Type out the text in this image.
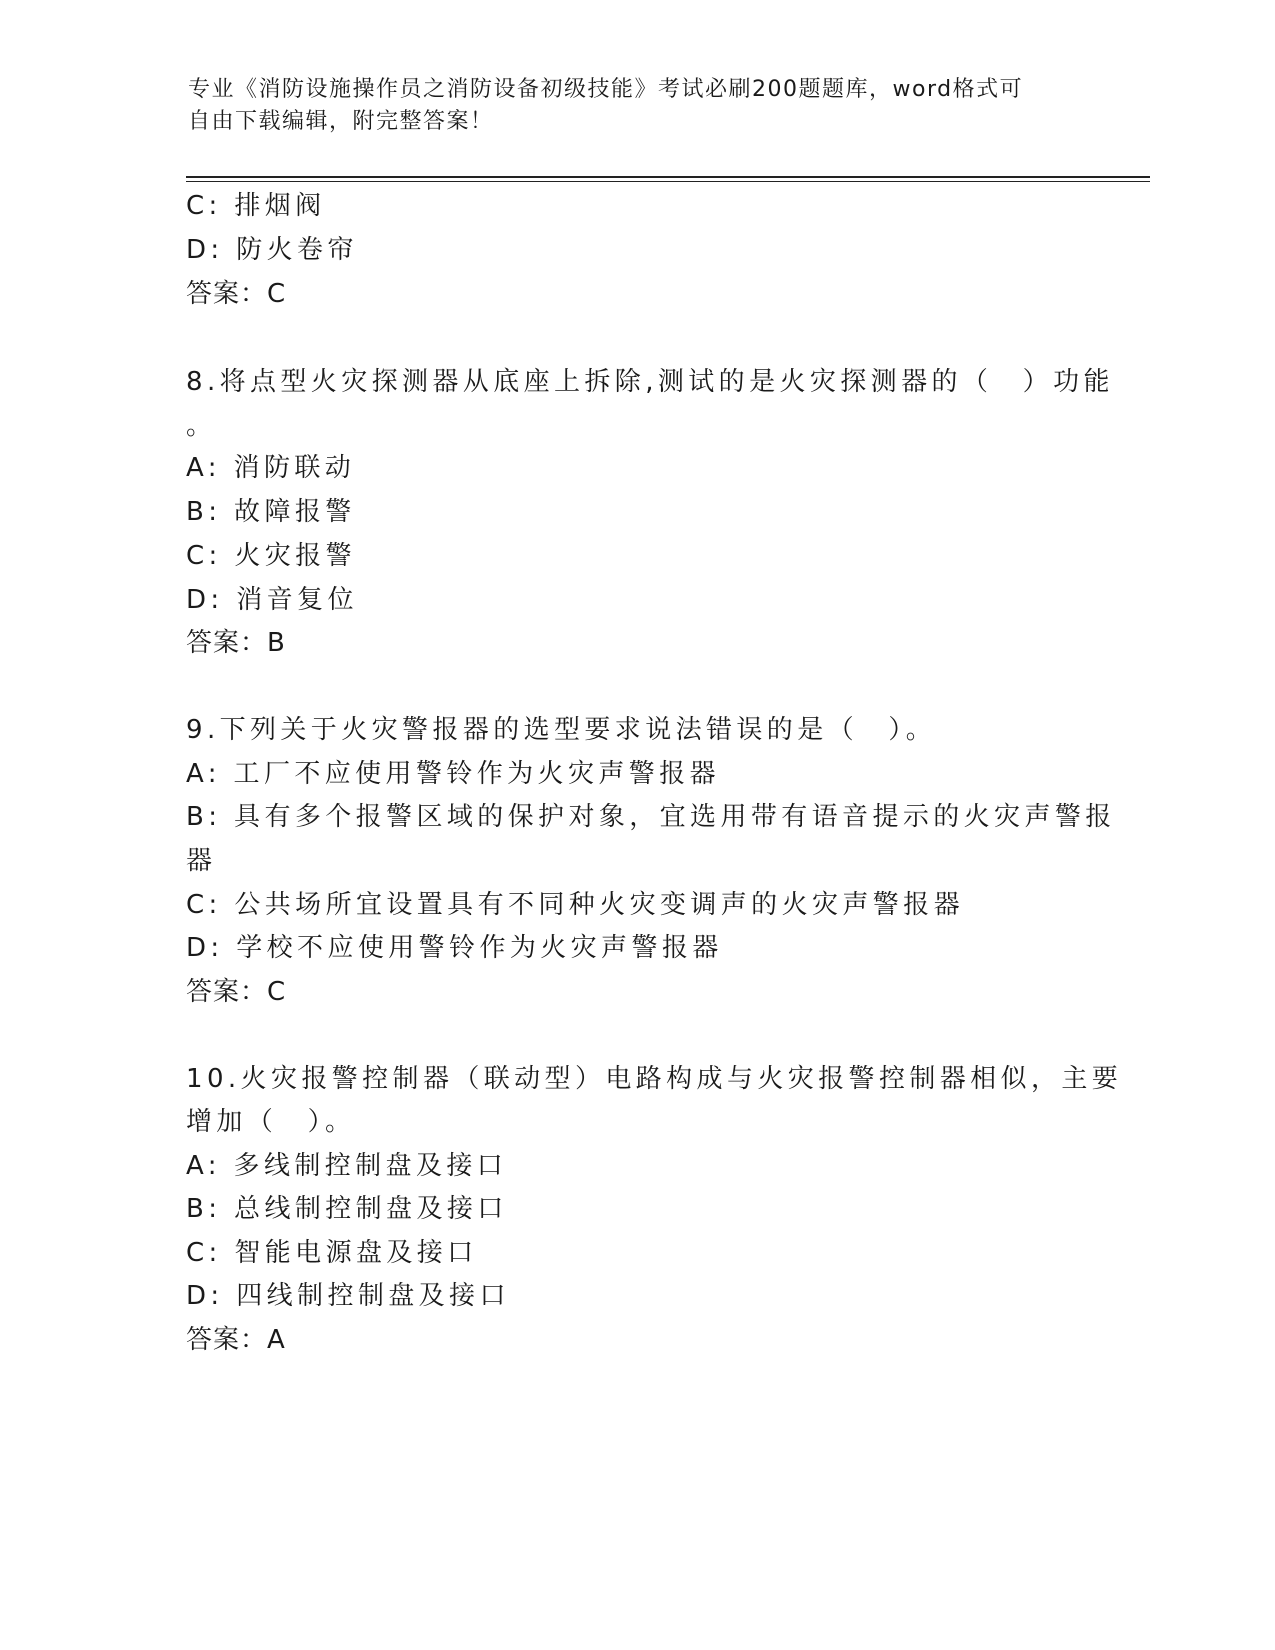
专业《消防设施操作员之消防设备初级技能》考试必刷200题题库，word格式可
自由下载编辑，附完整答案！
C: 排烟阀
D: 防火卷帘
答案：C
8.将点型火灾探测器从底座上拆除,测试的是火灾探测器的（　）功能
。
A: 消防联动
B: 故障报警
C: 火灾报警
D: 消音复位
答案：B
9.下列关于火灾警报器的选型要求说法错误的是（　）。
A: 工厂不应使用警铃作为火灾声警报器
B: 具有多个报警区域的保护对象，宜选用带有语音提示的火灾声警报
器
C: 公共场所宜设置具有不同种火灾变调声的火灾声警报器
D: 学校不应使用警铃作为火灾声警报器
答案：C
10.火灾报警控制器（联动型）电路构成与火灾报警控制器相似，主要
增加（　）。
A: 多线制控制盘及接口
B: 总线制控制盘及接口
C: 智能电源盘及接口
D: 四线制控制盘及接口
答案：A
